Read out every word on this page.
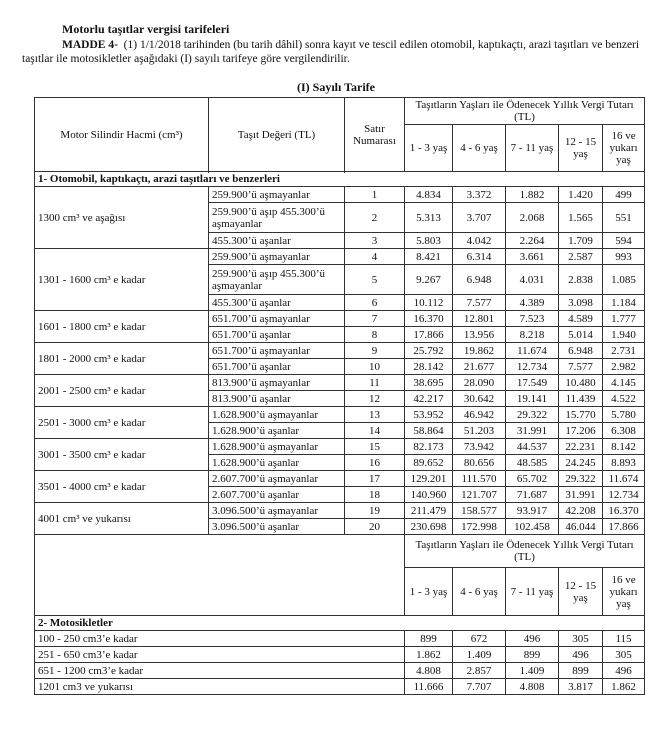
Motorlu taşıtlar vergisi tarifeleri
MADDE 4- (1) 1/1/2018 tarihinden (bu tarih dâhil) sonra kayıt ve tescil edilen otomobil, kaptıkaçtı, arazi taşıtları ve benzeri taşıtlar ile motosikletler aşağıdaki (I) sayılı tarifeye göre vergilendirilir.
(I) Sayılı Tarife
Motor Silindir Hacmi (cm³)	Taşıt Değeri (TL)	Satır Numarası	Taşıtların Yaşları ile Ödenecek Yıllık Vergi Tutarı (TL)				
			1 - 3 yaş	4 - 6 yaş	7 - 11 yaş	12 - 15 yaş	16 ve yukarı yaş

1- Otomobil, kaptıkaçtı, arazi taşıtları ve benzerleri							
1300 cm³ ve aşağısı	259.900’ü aşmayanlar	1	4.834	3.372	1.882	1.420	499
	259.900’ü aşıp 455.300’ü aşmayanlar	2	5.313	3.707	2.068	1.565	551
	455.300’ü aşanlar	3	5.803	4.042	2.264	1.709	594
1301 - 1600 cm³ e kadar	259.900’ü aşmayanlar	4	8.421	6.314	3.661	2.587	993
	259.900’ü aşıp 455.300’ü aşmayanlar	5	9.267	6.948	4.031	2.838	1.085
	455.300’ü aşanlar	6	10.112	7.577	4.389	3.098	1.184
1601 - 1800 cm³ e kadar	651.700’ü aşmayanlar	7	16.370	12.801	7.523	4.589	1.777
	651.700’ü aşanlar	8	17.866	13.956	8.218	5.014	1.940
1801 - 2000 cm³ e kadar	651.700’ü aşmayanlar	9	25.792	19.862	11.674	6.948	2.731
	651.700’ü aşanlar	10	28.142	21.677	12.734	7.577	2.982
2001 - 2500 cm³ e kadar	813.900’ü aşmayanlar	11	38.695	28.090	17.549	10.480	4.145
	813.900’ü aşanlar	12	42.217	30.642	19.141	11.439	4.522
2501 - 3000 cm³ e kadar	1.628.900’ü aşmayanlar	13	53.952	46.942	29.322	15.770	5.780
	1.628.900’ü aşanlar	14	58.864	51.203	31.991	17.206	6.308
3001 - 3500 cm³ e kadar	1.628.900’ü aşmayanlar	15	82.173	73.942	44.537	22.231	8.142
	1.628.900’ü aşanlar	16	89.652	80.656	48.585	24.245	8.893
3501 - 4000 cm³ e kadar	2.607.700’ü aşmayanlar	17	129.201	111.570	65.702	29.322	11.674
	2.607.700’ü aşanlar	18	140.960	121.707	71.687	31.991	12.734
4001 cm³ ve yukarısı	3.096.500’ü aşmayanlar	19	211.479	158.577	93.917	42.208	16.370
	3.096.500’ü aşanlar	20	230.698	172.998	102.458	46.044	17.866
			Taşıtların Yaşları ile Ödenecek Yıllık Vergi Tutarı (TL)				
			1 - 3 yaş	4 - 6 yaş	7 - 11 yaş	12 - 15 yaş	16 ve yukarı yaş
2- Motosikletler							
100 - 250 cm3’e kadar			899	672	496	305	115
251 - 650 cm3’e kadar			1.862	1.409	899	496	305
651 - 1200 cm3’e kadar			4.808	2.857	1.409	899	496
1201 cm3 ve yukarısı			11.666	7.707	4.808	3.817	1.862
